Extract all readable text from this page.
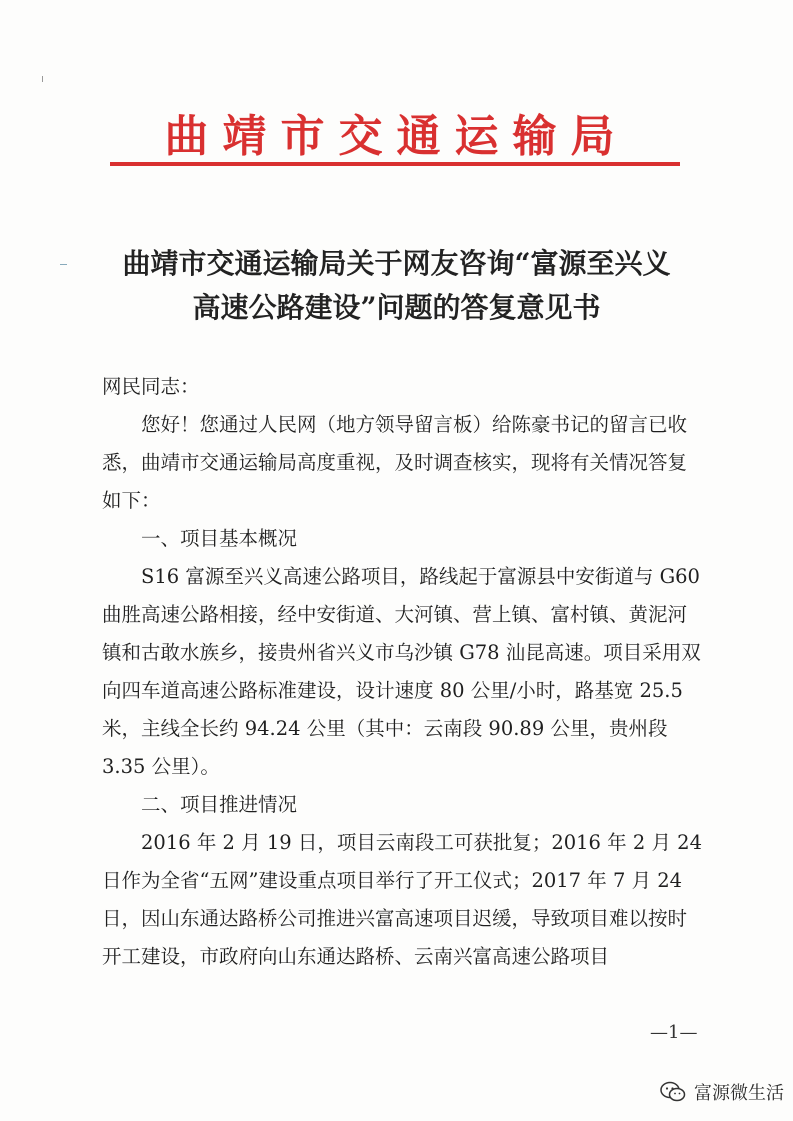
曲靖市交通运输局
曲靖市交通运输局关于网友咨询“富源至兴义
高速公路建设”问题的答复意见书

网民同志：

您好！您通过人民网（地方领导留言板）给陈豪书记的留言已收悉，曲靖市交通运输局高度重视，及时调查核实，现将有关情况答复如下：

一、项目基本概况

S16 富源至兴义高速公路项目，路线起于富源县中安街道与 G60 曲胜高速公路相接，经中安街道、大河镇、营上镇、富村镇、黄泥河镇和古敢水族乡，接贵州省兴义市乌沙镇 G78 汕昆高速。项目采用双向四车道高速公路标准建设，设计速度 80 公里/小时，路基宽 25.5 米，主线全长约 94.24 公里（其中：云南段 90.89 公里，贵州段 3.35 公里）。

二、项目推进情况

2016 年 2 月 19 日，项目云南段工可获批复；2016 年 2 月 24 日作为全省“五网”建设重点项目举行了开工仪式；2017 年 7 月 24 日，因山东通达路桥公司推进兴富高速项目迟缓，导致项目难以按时开工建设，市政府向山东通达路桥、云南兴富高速公路项目

—1—
富源微生活
